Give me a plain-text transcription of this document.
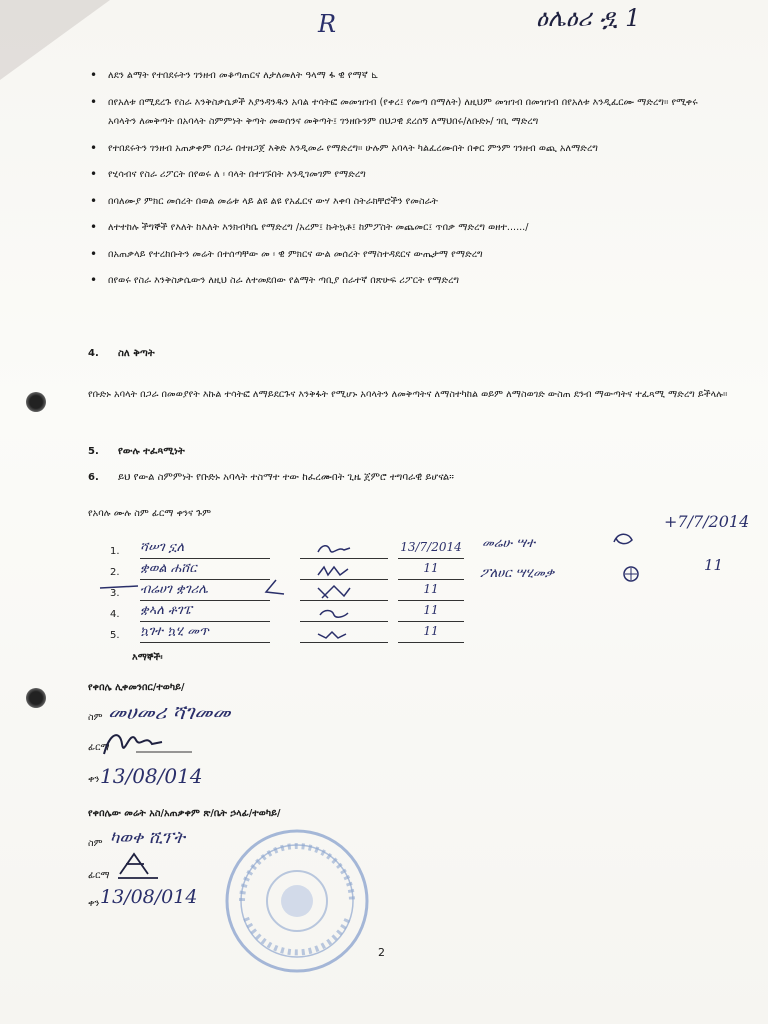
R	ዕሌዕሪ ዷ 1
• ለደን ልማት የተበደሩትን ገንዘብ መቆጣጠርና ለታለመለት ዓላማ ፋ ዊ የማኛ ⊾
• በየአለቱ በሚደረጉ የስራ እንቅስቃሴዎች እያንዳንዱን አባል ተሳትፎ መመዝገብ (የቀረ፤ የመጣ በማለት) ለዚህም መዝገብ በመዝገብ በየአለቱ እንዲፈርሙ ማድረግ። የሚቀሩ አባላትን ለመቅጣት በአባላት ስምምነት ቅጣት መወሰንና መቅጣት፤ ገንዘቡንም በህጋዊ ደረሰኝ ለማህበሩ/ለቡድኑ/ ገቢ ማድረግ
• የተበደሩትን ገንዘብ አጠቃቀም በጋራ በተዘጋጀ እቅድ እንዲመራ የማድረግ። ሁሉም አባላት ካልፈረሙበት በቀር ምንም ገንዘብ ወጪ አለማድረግ
• የሂሳብና የስራ ሪፖርት በየወሩ ለ ፡ ባላት በተገኙበት እንዲገመገም የማድረግ
• በባለሙያ ምክር መሰረት በወል መሬቱ ላይ ልዩ ልዩ የአፈርና ውሃ እቀባ ስትራክቸሮችን የመስራት
• ለተተከሉ ችግኞች የእለት ከእለት እንክብካቤ የማድረግ /አረም፤ ኩትኳቶ፤ ከምፖስት መጨመር፤ ጥበቃ ማድረግ ወዘተ....../
• በአጠቃላይ የተረከቡትን መሬት በተሰጣቸው መ ፡ ዊ ምክርና ውል መሰረት የማስተዳደርና ውጤታማ የማድረግ
• በየወሩ የስራ እንቅስቃሴውን ለዚህ ስራ ለተመደበው የልማት ጣቢያ ሰራተኛ በጽሁፍ ሪፖርት የማድረግ
4. ስለ ቅጣት
የቡድኑ አባላት በጋራ በመወያየት እኩል ተሳትፎ ለማይደርጉና እንቅፋት የሚሆኑ አባላትን ለመቅጣትና ለማስተካከል ወይም ለማስወገድ ውስጠ ደንብ ማውጣትና ተፈጻሚ ማድረግ ይችላሉ።
5. የውሉ ተፈጻሚነት
6. ይህ የውል ስምምነት የቡድኑ አባላት ተስማተ ተው ከፈረሙበት ጊዜ ጀምሮ ተግባራዊ ይሆናል።
የአባሉ ሙሉ ስም ፊርማ ቀንና ጉም
1. ሻሠገ ኗለ	13/7/2014
2. ቋወል ሐሸር	11
3. ብሬሀገ ቋገሪሌ	11
4. ቋኣለ ቶገፔ	11
5. ኳገተ ኳሂ መጥ	11
መሬሁ ሣተ
ፖለሀር ሣሂመቃ
+7/7/2014
11
እማኞች፡
የቀበሌ ሊቀመንበር/ተወካይ/
ስም መሀመሪ ሻገመመ
ፊርማ
ቀን 13/08/014
የቀበሌው መሬት አስ/አጠቃቀም ጽ/ቤት ኃላፊ/ተወካይ/
ስም ካወቀ ሺፕት
ፊርማ
ቀን 13/08/014
2
